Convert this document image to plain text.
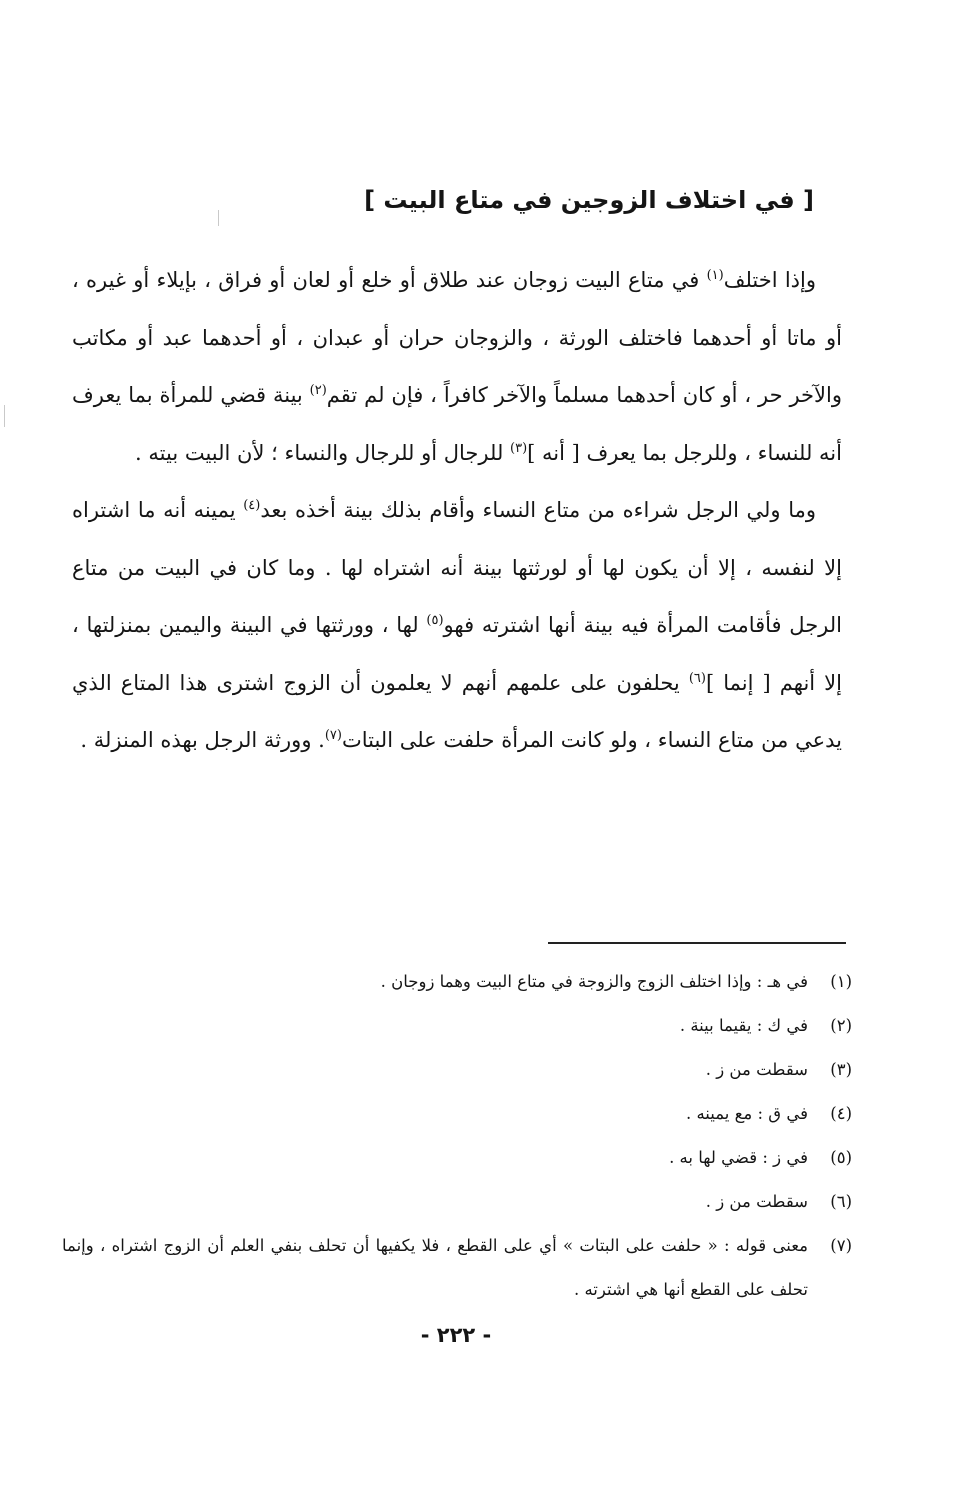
[ في اختلاف الزوجين في متاع البيت ]

وإذا اختلف$^{(١)}$ في متاع البيت زوجان عند طلاق أو خلع أو لعان أو فراق ، بإيلاء أو غيره ، أو ماتا أو أحدهما فاختلف الورثة ، والزوجان حران أو عبدان ، أو أحدهما عبد أو مكاتب والآخر حر ، أو كان أحدهما مسلماً والآخر كافراً ، فإن لم تقم$^{(٢)}$ بينة قضي للمرأة بما يعرف أنه للنساء ، وللرجل بما يعرف [ أنه ]$^{(٣)}$ للرجال أو للرجال والنساء ؛ لأن البيت بيته .

وما ولي الرجل شراءه من متاع النساء وأقام بذلك بينة أخذه بعد$^{(٤)}$ يمينه أنه ما اشتراه إلا لنفسه ، إلا أن يكون لها أو لورثتها بينة أنه اشتراه لها . وما كان في البيت من متاع الرجل فأقامت المرأة فيه بينة أنها اشترته فهو$^{(٥)}$ لها ، وورثتها في البينة واليمين بمنزلتها ، إلا أنهم [ إنما ]$^{(٦)}$ يحلفون على علمهم أنهم لا يعلمون أن الزوج اشترى هذا المتاع الذي يدعي من متاع النساء ، ولو كانت المرأة حلفت على البتات$^{(٧)}$. وورثة الرجل بهذه المنزلة .

(١)
في هـ : وإذا اختلف الزوج والزوجة في متاع البيت وهما زوجان .
(٢)
في ك : يقيما بينة .
(٣)
سقطت من ز .
(٤)
في ق : مع يمينه .
(٥)
في ز : قضي لها به .
(٦)
سقطت من ز .
(٧)
معنى قوله : « حلفت على البتات » أي على القطع ، فلا يكفيها أن تحلف بنفي العلم أن الزوج اشتراه ، وإنما تحلف على القطع أنها هي اشترته .
- ٢٢٢ -
